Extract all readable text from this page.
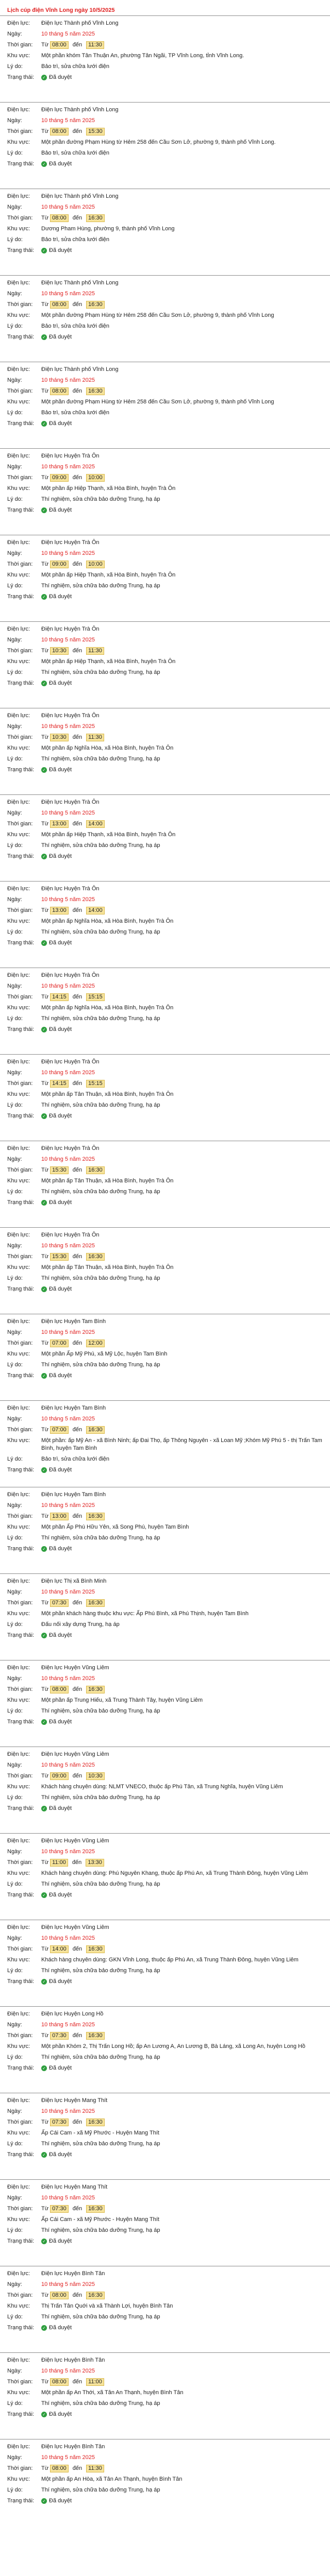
Lịch cúp điện Vĩnh Long ngày 10/5/2025
Điện lực:	Điện lực Thành phố Vĩnh Long
Ngày:	10 tháng 5 năm 2025
Thời gian:	Từ 08:00 đến 11:30
Khu vực:	Một phần khóm Tân Thuận An, phường Tân Ngãi, TP Vĩnh Long, tỉnh Vĩnh Long.
Lý do:	Bảo trì, sửa chữa lưới điện
Trạng thái:	✓ Đã duyệt
Điện lực:	Điện lực Thành phố Vĩnh Long
Ngày:	10 tháng 5 năm 2025
Thời gian:	Từ 08:00 đến 15:30
Khu vực:	Một phần đường Phạm Hùng từ Hẻm 258 đến Cầu Sơn Lở, phường 9, thành phố Vĩnh Long.
Lý do:	Bảo trì, sửa chữa lưới điện
Trạng thái:	✓ Đã duyệt
Điện lực:	Điện lực Thành phố Vĩnh Long
Ngày:	10 tháng 5 năm 2025
Thời gian:	Từ 08:00 đến 16:30
Khu vực:	Dương Pham Hùng, phường 9, thành phố Vĩnh Long
Lý do:	Bảo trì, sửa chữa lưới điện
Trạng thái:	✓ Đã duyệt
Điện lực:	Điện lực Thành phố Vĩnh Long
Ngày:	10 tháng 5 năm 2025
Thời gian:	Từ 08:00 đến 16:30
Khu vực:	Một phần đường Phạm Hùng từ Hẻm 258 đến Cầu Sơn Lở, phường 9, thành phố Vĩnh Long
Lý do:	Bảo trì, sửa chữa lưới điện
Trạng thái:	✓ Đã duyệt
Điện lực:	Điện lực Thành phố Vĩnh Long
Ngày:	10 tháng 5 năm 2025
Thời gian:	Từ 08:00 đến 16:30
Khu vực:	Một phần đường Phạm Hùng từ Hẻm 258 đến Cầu Sơn Lở, phường 9, thành phố Vĩnh Long
Lý do:	Bảo trì, sửa chữa lưới điện
Trạng thái:	✓ Đã duyệt
Điện lực:	Điện lực Huyện Trà Ôn
Ngày:	10 tháng 5 năm 2025
Thời gian:	Từ 09:00 đến 10:00
Khu vực:	Một phần ấp Hiệp Thạnh, xã Hòa Bình, huyện Trà Ôn
Lý do:	Thí nghiệm, sửa chữa bảo dưỡng Trung, hạ áp
Trạng thái:	✓ Đã duyệt
Điện lực:	Điện lực Huyện Trà Ôn
Ngày:	10 tháng 5 năm 2025
Thời gian:	Từ 09:00 đến 10:00
Khu vực:	Một phần ấp Hiệp Thạnh, xã Hòa Bình, huyện Trà Ôn
Lý do:	Thí nghiệm, sửa chữa bảo dưỡng Trung, hạ áp
Trạng thái:	✓ Đã duyệt
Điện lực:	Điện lực Huyện Trà Ôn
Ngày:	10 tháng 5 năm 2025
Thời gian:	Từ 10:30 đến 11:30
Khu vực:	Một phần ấp Hiệp Thạnh, xã Hòa Bình, huyện Trà Ôn
Lý do:	Thí nghiệm, sửa chữa bảo dưỡng Trung, hạ áp
Trạng thái:	✓ Đã duyệt
Điện lực:	Điện lực Huyện Trà Ôn
Ngày:	10 tháng 5 năm 2025
Thời gian:	Từ 10:30 đến 11:30
Khu vực:	Một phần ấp Nghĩa Hòa, xã Hòa Bình, huyện Trà Ôn
Lý do:	Thí nghiệm, sửa chữa bảo dưỡng Trung, hạ áp
Trạng thái:	✓ Đã duyệt
Điện lực:	Điện lực Huyện Trà Ôn
Ngày:	10 tháng 5 năm 2025
Thời gian:	Từ 13:00 đến 14:00
Khu vực:	Một phần ấp Hiệp Thạnh, xã Hòa Bình, huyện Trà Ôn
Lý do:	Thí nghiệm, sửa chữa bảo dưỡng Trung, hạ áp
Trạng thái:	✓ Đã duyệt
Điện lực:	Điện lực Huyện Trà Ôn
Ngày:	10 tháng 5 năm 2025
Thời gian:	Từ 13:00 đến 14:00
Khu vực:	Một phần ấp Nghĩa Hòa, xã Hòa Bình, huyện Trà Ôn
Lý do:	Thí nghiệm, sửa chữa bảo dưỡng Trung, hạ áp
Trạng thái:	✓ Đã duyệt
Điện lực:	Điện lực Huyện Trà Ôn
Ngày:	10 tháng 5 năm 2025
Thời gian:	Từ 14:15 đến 15:15
Khu vực:	Một phần ấp Nghĩa Hòa, xã Hòa Bình, huyện Trà Ôn
Lý do:	Thí nghiệm, sửa chữa bảo dưỡng Trung, hạ áp
Trạng thái:	✓ Đã duyệt
Điện lực:	Điện lực Huyện Trà Ôn
Ngày:	10 tháng 5 năm 2025
Thời gian:	Từ 14:15 đến 15:15
Khu vực:	Một phần ấp Tân Thuận, xã Hòa Bình, huyện Trà Ôn
Lý do:	Thí nghiệm, sửa chữa bảo dưỡng Trung, hạ áp
Trạng thái:	✓ Đã duyệt
Điện lực:	Điện lực Huyện Trà Ôn
Ngày:	10 tháng 5 năm 2025
Thời gian:	Từ 15:30 đến 16:30
Khu vực:	Một phần ấp Tân Thuận, xã Hòa Bình, huyện Trà Ôn
Lý do:	Thí nghiệm, sửa chữa bảo dưỡng Trung, hạ áp
Trạng thái:	✓ Đã duyệt
Điện lực:	Điện lực Huyện Trà Ôn
Ngày:	10 tháng 5 năm 2025
Thời gian:	Từ 15:30 đến 16:30
Khu vực:	Một phần ấp Tân Thuận, xã Hòa Bình, huyện Trà Ôn
Lý do:	Thí nghiệm, sửa chữa bảo dưỡng Trung, hạ áp
Trạng thái:	✓ Đã duyệt
Điện lực:	Điện lực Huyện Tam Bình
Ngày:	10 tháng 5 năm 2025
Thời gian:	Từ 07:00 đến 12:00
Khu vực:	Một phần Ấp Mỹ Phú, xã Mỹ Lộc, huyện Tam Bình
Lý do:	Thí nghiệm, sửa chữa bảo dưỡng Trung, hạ áp
Trạng thái:	✓ Đã duyệt
Điện lực:	Điện lực Huyện Tam Bình
Ngày:	10 tháng 5 năm 2025
Thời gian:	Từ 07:00 đến 16:30
Khu vực:	Một phần: ấp Mỹ An - xã Bình Ninh; ấp Đai Thọ, ấp Thông Nguyên - xã Loan Mỹ ;Khóm Mỹ Phú 5 - thị Trấn Tam Bình, huyện Tam Bình
Lý do:	Bảo trì, sửa chữa lưới điện
Trạng thái:	✓ Đã duyệt
Điện lực:	Điện lực Huyện Tam Bình
Ngày:	10 tháng 5 năm 2025
Thời gian:	Từ 13:00 đến 16:30
Khu vực:	Một phần Ấp Phú Hữu Yên, xã Song Phú, huyện Tam Bình
Lý do:	Thí nghiệm, sửa chữa bảo dưỡng Trung, hạ áp
Trạng thái:	✓ Đã duyệt
Điện lực:	Điện lực Thị xã Bình Minh
Ngày:	10 tháng 5 năm 2025
Thời gian:	Từ 07:30 đến 16:30
Khu vực:	Một phần khách hàng thuộc khu vực: Ấp Phú Bình, xã Phú Thịnh, huyện Tam Bình
Lý do:	Đấu nối xây dựng Trung, hạ áp
Trạng thái:	✓ Đã duyệt
Điện lực:	Điện lực Huyện Vũng Liêm
Ngày:	10 tháng 5 năm 2025
Thời gian:	Từ 08:00 đến 16:30
Khu vực:	Một phần ấp Trung Hiếu, xã Trung Thành Tây, huyện Vũng Liêm
Lý do:	Thí nghiệm, sửa chữa bảo dưỡng Trung, hạ áp
Trạng thái:	✓ Đã duyệt
Điện lực:	Điện lực Huyện Vũng Liêm
Ngày:	10 tháng 5 năm 2025
Thời gian:	Từ 09:00 đến 10:30
Khu vực:	Khách hàng chuyên dùng: NLMT VNECO, thuộc ấp Phú Tân, xã Trung Nghĩa, huyện Vũng Liêm
Lý do:	Thí nghiệm, sửa chữa bảo dưỡng Trung, hạ áp
Trạng thái:	✓ Đã duyệt
Điện lực:	Điện lực Huyện Vũng Liêm
Ngày:	10 tháng 5 năm 2025
Thời gian:	Từ 11:00 đến 13:30
Khu vực:	Khách hàng chuyên dùng: Phú Nguyên Khang, thuộc ấp Phú An, xã Trung Thành Đông, huyện Vũng Liêm
Lý do:	Thí nghiệm, sửa chữa bảo dưỡng Trung, hạ áp
Trạng thái:	✓ Đã duyệt
Điện lực:	Điện lực Huyện Vũng Liêm
Ngày:	10 tháng 5 năm 2025
Thời gian:	Từ 14:00 đến 16:30
Khu vực:	Khách hàng chuyên dùng: GKN Vĩnh Long, thuộc ấp Phú An, xã Trung Thành Đông, huyện Vũng Liêm
Lý do:	Thí nghiệm, sửa chữa bảo dưỡng Trung, hạ áp
Trạng thái:	✓ Đã duyệt
Điện lực:	Điện lực Huyện Long Hồ
Ngày:	10 tháng 5 năm 2025
Thời gian:	Từ 07:30 đến 16:30
Khu vực:	Một phần Khóm 2, Thị Trấn Long Hồ; ấp An Lương A, An Lương B, Bà Láng, xã Long An, huyện Long Hồ
Lý do:	Thí nghiệm, sửa chữa bảo dưỡng Trung, hạ áp
Trạng thái:	✓ Đã duyệt
Điện lực:	Điện lực Huyện Mang Thít
Ngày:	10 tháng 5 năm 2025
Thời gian:	Từ 07:30 đến 16:30
Khu vực:	Ấp Cái Cam - xã Mỹ Phước - Huyện Mang Thít
Lý do:	Thí nghiệm, sửa chữa bảo dưỡng Trung, hạ áp
Trạng thái:	✓ Đã duyệt
Điện lực:	Điện lực Huyện Mang Thít
Ngày:	10 tháng 5 năm 2025
Thời gian:	Từ 07:30 đến 16:30
Khu vực:	Ấp Cái Cam - xã Mỹ Phước - Huyện Mang Thít
Lý do:	Thí nghiệm, sửa chữa bảo dưỡng Trung, hạ áp
Trạng thái:	✓ Đã duyệt
Điện lực:	Điện lực Huyện Bình Tân
Ngày:	10 tháng 5 năm 2025
Thời gian:	Từ 08:00 đến 16:30
Khu vực:	Thị Trấn Tân Quới và xã Thành Lợi, huyện Bình Tân
Lý do:	Thí nghiệm, sửa chữa bảo dưỡng Trung, hạ áp
Trạng thái:	✓ Đã duyệt
Điện lực:	Điện lực Huyện Bình Tân
Ngày:	10 tháng 5 năm 2025
Thời gian:	Từ 08:00 đến 11:00
Khu vực:	Một phần ấp An Thới, xã Tân An Thạnh, huyện Bình Tân
Lý do:	Thí nghiệm, sửa chữa bảo dưỡng Trung, hạ áp
Trạng thái:	✓ Đã duyệt
Điện lực:	Điện lực Huyện Bình Tân
Ngày:	10 tháng 5 năm 2025
Thời gian:	Từ 08:00 đến 11:30
Khu vực:	Một phần ấp An Hòa, xã Tân An Thạnh, huyện Bình Tân
Lý do:	Thí nghiệm, sửa chữa bảo dưỡng Trung, hạ áp
Trạng thái:	✓ Đã duyệt
